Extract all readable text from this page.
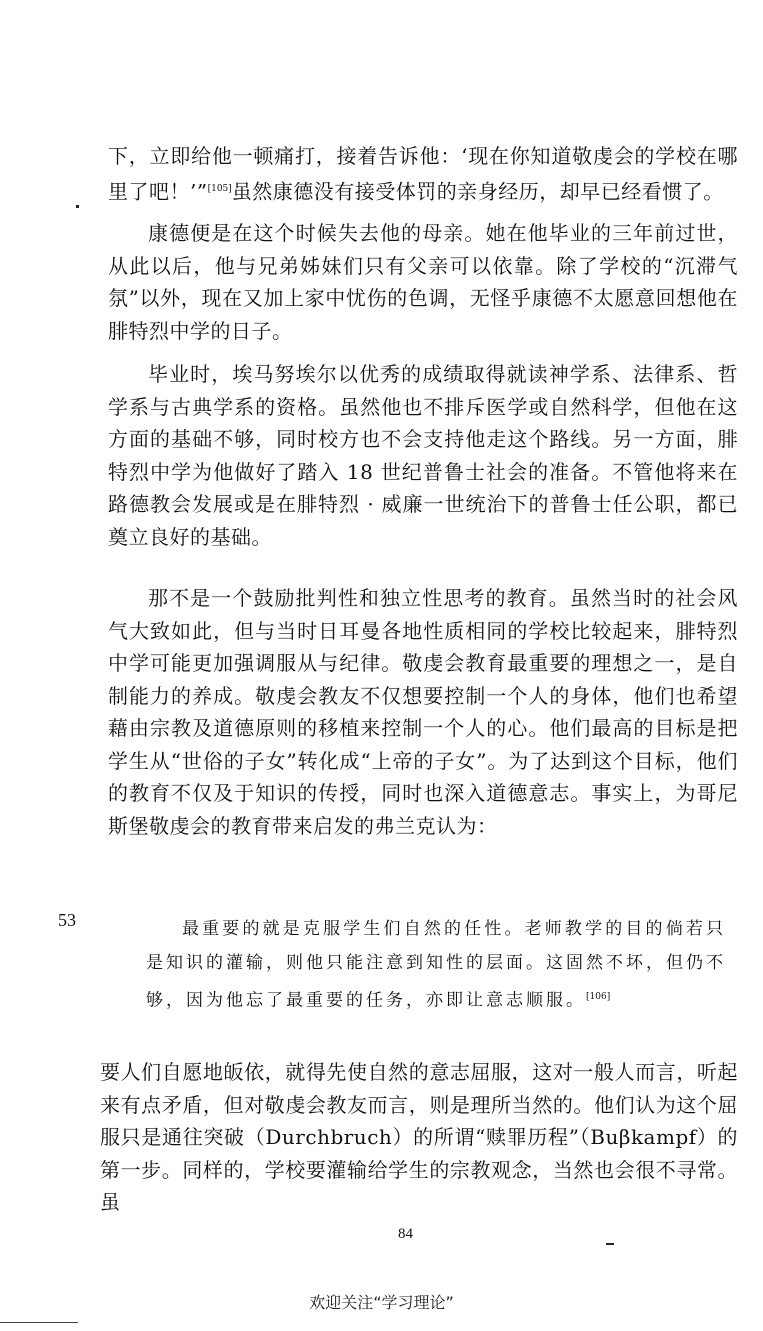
下，立即给他一顿痛打，接着告诉他：‘现在你知道敬虔会的学校在哪里了吧！’”[105]虽然康德没有接受体罚的亲身经历，却早已经看惯了。

康德便是在这个时候失去他的母亲。她在他毕业的三年前过世，从此以后，他与兄弟姊妹们只有父亲可以依靠。除了学校的“沉滞气氛”以外，现在又加上家中忧伤的色调，无怪乎康德不太愿意回想他在腓特烈中学的日子。

毕业时，埃马努埃尔以优秀的成绩取得就读神学系、法律系、哲学系与古典学系的资格。虽然他也不排斥医学或自然科学，但他在这方面的基础不够，同时校方也不会支持他走这个路线。另一方面，腓特烈中学为他做好了踏入 18 世纪普鲁士社会的准备。不管他将来在路德教会发展或是在腓特烈 · 威廉一世统治下的普鲁士任公职，都已奠立良好的基础。

那不是一个鼓励批判性和独立性思考的教育。虽然当时的社会风气大致如此，但与当时日耳曼各地性质相同的学校比较起来，腓特烈中学可能更加强调服从与纪律。敬虔会教育最重要的理想之一，是自制能力的养成。敬虔会教友不仅想要控制一个人的身体，他们也希望藉由宗教及道德原则的移植来控制一个人的心。他们最高的目标是把学生从“世俗的子女”转化成“上帝的子女”。为了达到这个目标，他们的教育不仅及于知识的传授，同时也深入道德意志。事实上，为哥尼斯堡敬虔会的教育带来启发的弗兰克认为：

53	最重要的就是克服学生们自然的任性。老师教学的目的倘若只是知识的灌输，则他只能注意到知性的层面。这固然不坏，但仍不够，因为他忘了最重要的任务，亦即让意志顺服。[106]

要人们自愿地皈依，就得先使自然的意志屈服，这对一般人而言，听起来有点矛盾，但对敬虔会教友而言，则是理所当然的。他们认为这个屈服只是通往突破（Durchbruch）的所谓“赎罪历程”（Buβkampf）的第一步。同样的，学校要灌输给学生的宗教观念，当然也会很不寻常。虽

84
欢迎关注“学习理论”
